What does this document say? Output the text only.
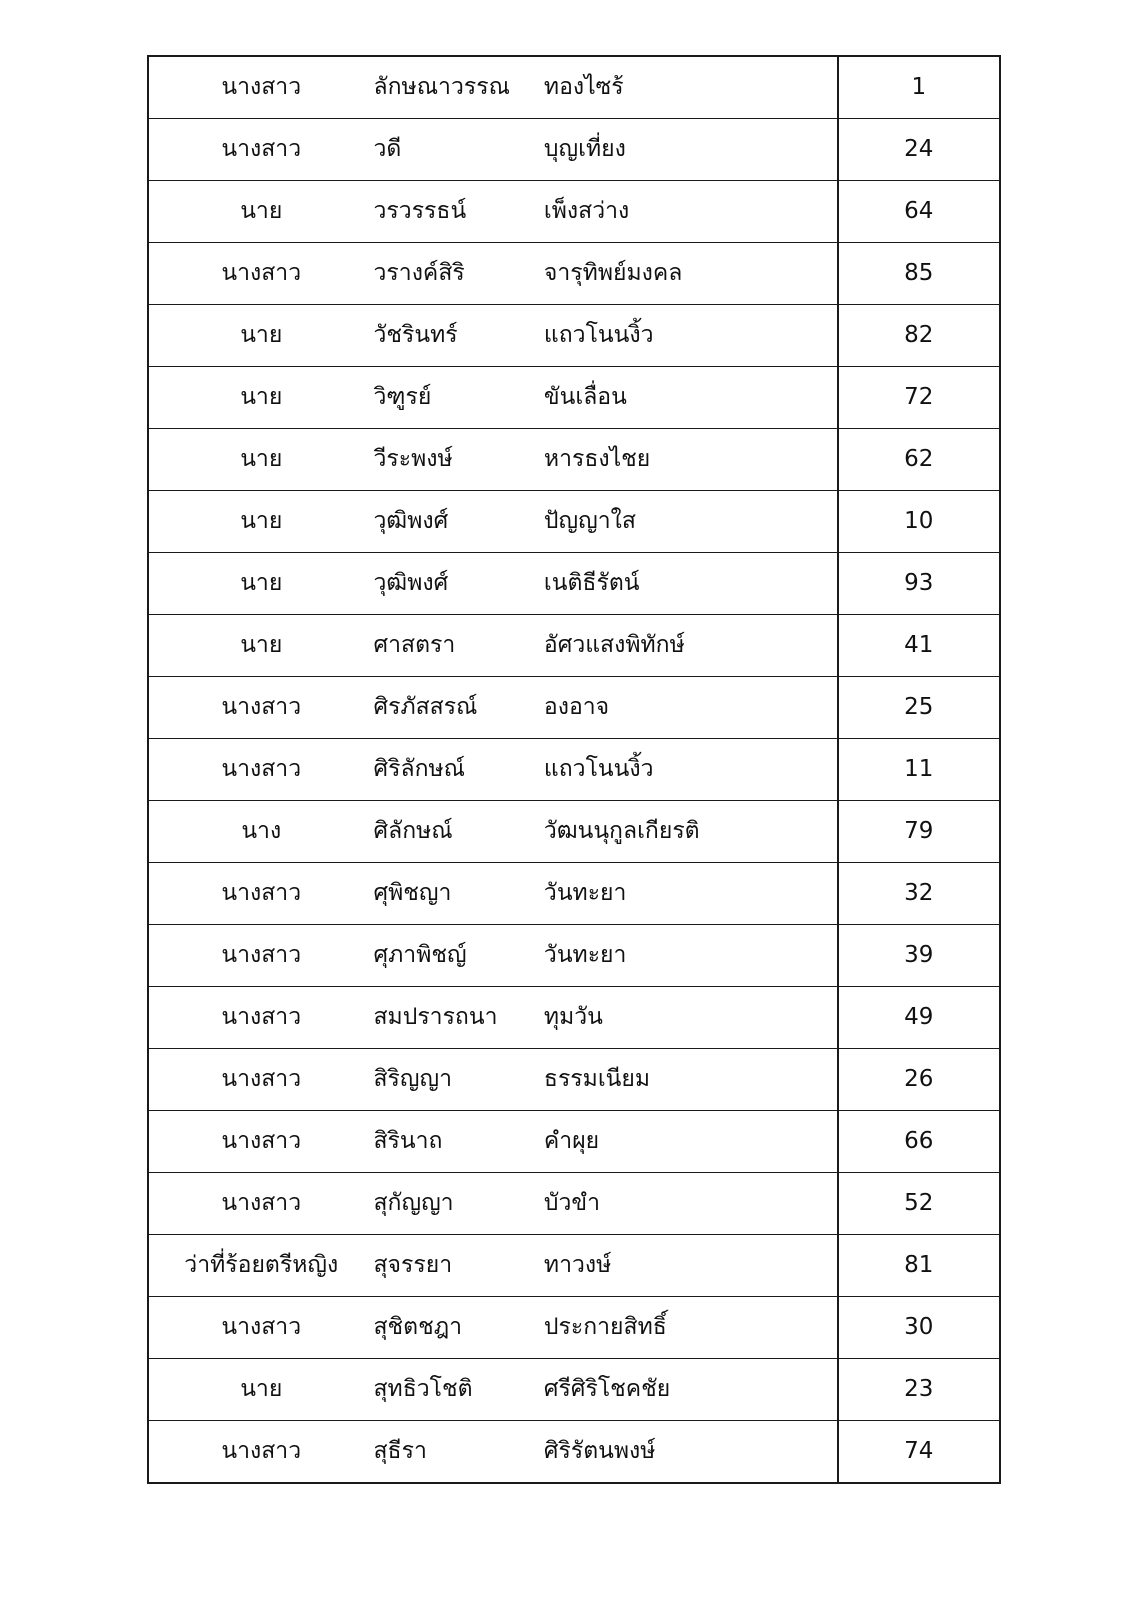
นางสาว	ลักษณาวรรณ	ทองไซร้	1
นางสาว	วดี	บุญเที่ยง	24
นาย	วรวรรธน์	เพ็งสว่าง	64
นางสาว	วรางค์สิริ	จารุทิพย์มงคล	85
นาย	วัชรินทร์	แถวโนนงิ้ว	82
นาย	วิฑูรย์	ขันเลื่อน	72
นาย	วีระพงษ์	หารธงไชย	62
นาย	วุฒิพงศ์	ปัญญาใส	10
นาย	วุฒิพงศ์	เนติธีรัตน์	93
นาย	ศาสตรา	อัศวแสงพิทักษ์	41
นางสาว	ศิรภัสสรณ์	องอาจ	25
นางสาว	ศิริลักษณ์	แถวโนนงิ้ว	11
นาง	ศิลักษณ์	วัฒนนุกูลเกียรติ	79
นางสาว	ศุพิชญา	วันทะยา	32
นางสาว	ศุภาพิชญ์	วันทะยา	39
นางสาว	สมปรารถนา	ทุมวัน	49
นางสาว	สิริญญา	ธรรมเนียม	26
นางสาว	สิรินาถ	คำผุย	66
นางสาว	สุกัญญา	บัวขำ	52
ว่าที่ร้อยตรีหญิง	สุจรรยา	ทาวงษ์	81
นางสาว	สุชิตชฎา	ประกายสิทธิ์	30
นาย	สุทธิวโชติ	ศรีศิริโชคชัย	23
นางสาว	สุธีรา	ศิริรัตนพงษ์	74
